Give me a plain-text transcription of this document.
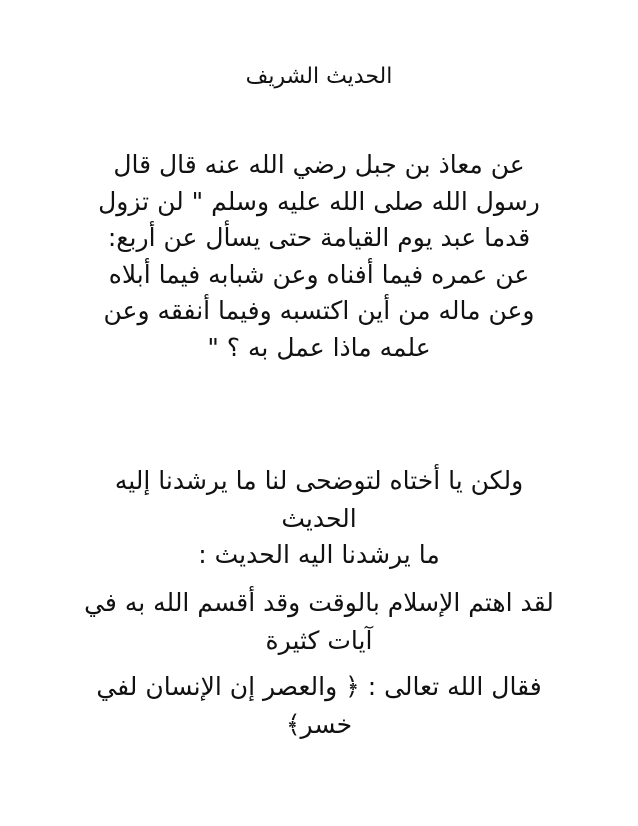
الحديث الشريف
عن معاذ بن جبل رضي الله عنه قال قال
رسول الله صلى الله عليه وسلم " لن تزول
قدما عبد يوم القيامة حتى يسأل عن أربع:
عن عمره فيما أفناه وعن شبابه فيما أبلاه
وعن ماله من أين اكتسبه وفيما أنفقه وعن
علمه ماذا عمل به ؟ "
ولكن يا أختاه لتوضحى لنا ما يرشدنا إليه
الحديث
ما يرشدنا اليه الحديث :
لقد اهتم الإسلام بالوقت وقد أقسم الله به في
آيات كثيرة
فقال الله تعالى : ﴿ والعصر إن الإنسان لفي
خسر﴾
